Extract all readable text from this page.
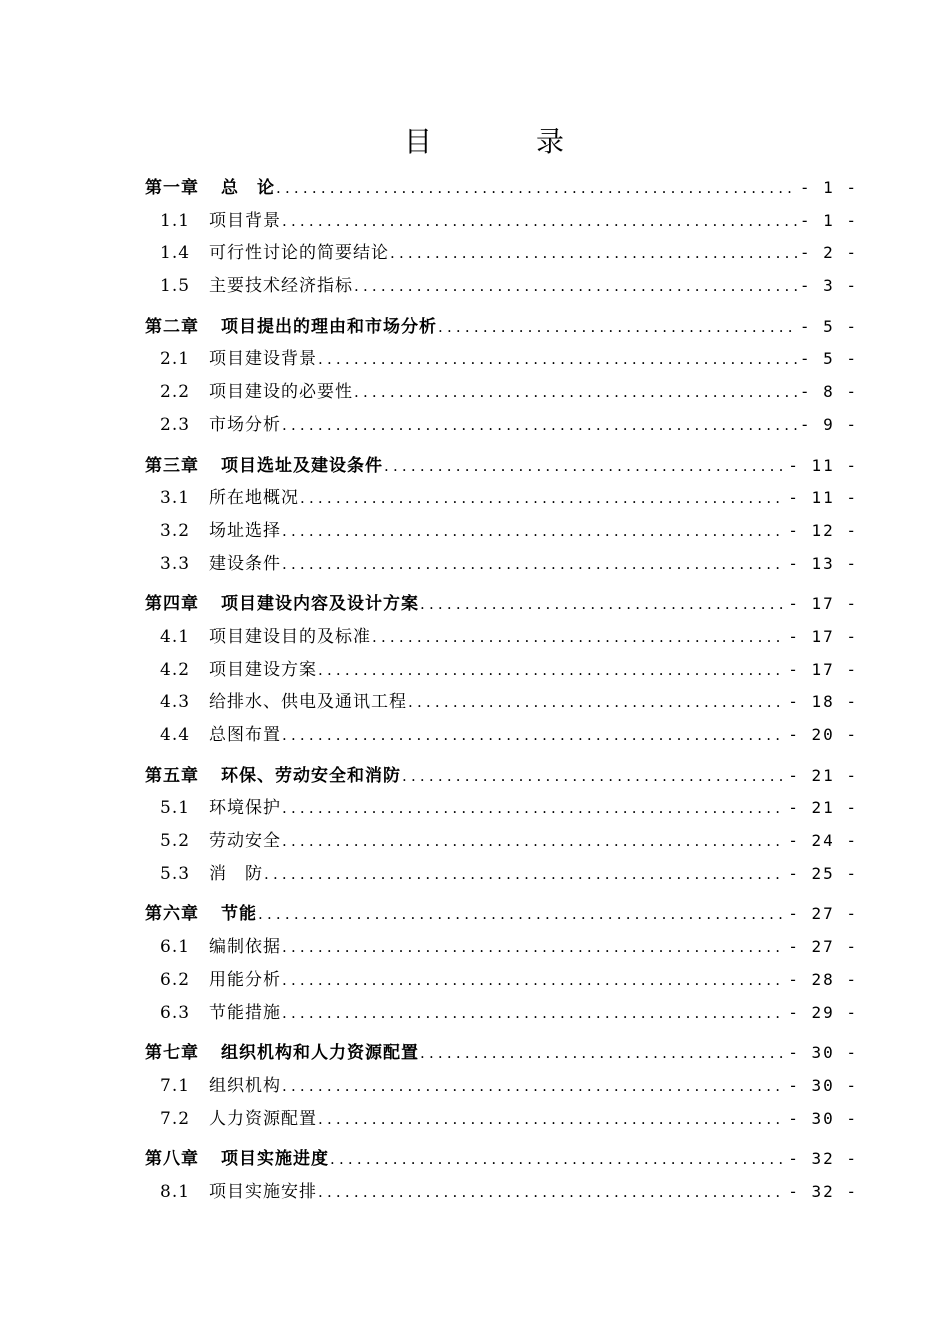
目　录
第一章	总　论 .....	- 1 -
1.1	项目背景 .....	- 1 -
1.4	可行性讨论的简要结论 .....	- 2 -
1.5	主要技术经济指标 .....	- 3 -
第二章	项目提出的理由和市场分析 .....	- 5 -
2.1	项目建设背景 .....	- 5 -
2.2	项目建设的必要性 .....	- 8 -
2.3	市场分析 .....	- 9 -
第三章	项目选址及建设条件 .....	- 11 -
3.1	所在地概况 .....	- 11 -
3.2	场址选择 .....	- 12 -
3.3	建设条件 .....	- 13 -
第四章	项目建设内容及设计方案 .....	- 17 -
4.1	项目建设目的及标准 .....	- 17 -
4.2	项目建设方案 .....	- 17 -
4.3	给排水、供电及通讯工程 .....	- 18 -
4.4	总图布置 .....	- 20 -
第五章	环保、劳动安全和消防 .....	- 21 -
5.1	环境保护 .....	- 21 -
5.2	劳动安全 .....	- 24 -
5.3	消　防 .....	- 25 -
第六章	节能 .....	- 27 -
6.1	编制依据 .....	- 27 -
6.2	用能分析 .....	- 28 -
6.3	节能措施 .....	- 29 -
第七章	组织机构和人力资源配置 .....	- 30 -
7.1	组织机构 .....	- 30 -
7.2	人力资源配置 .....	- 30 -
第八章	项目实施进度 .....	- 32 -
8.1	项目实施安排 .....	- 32 -
